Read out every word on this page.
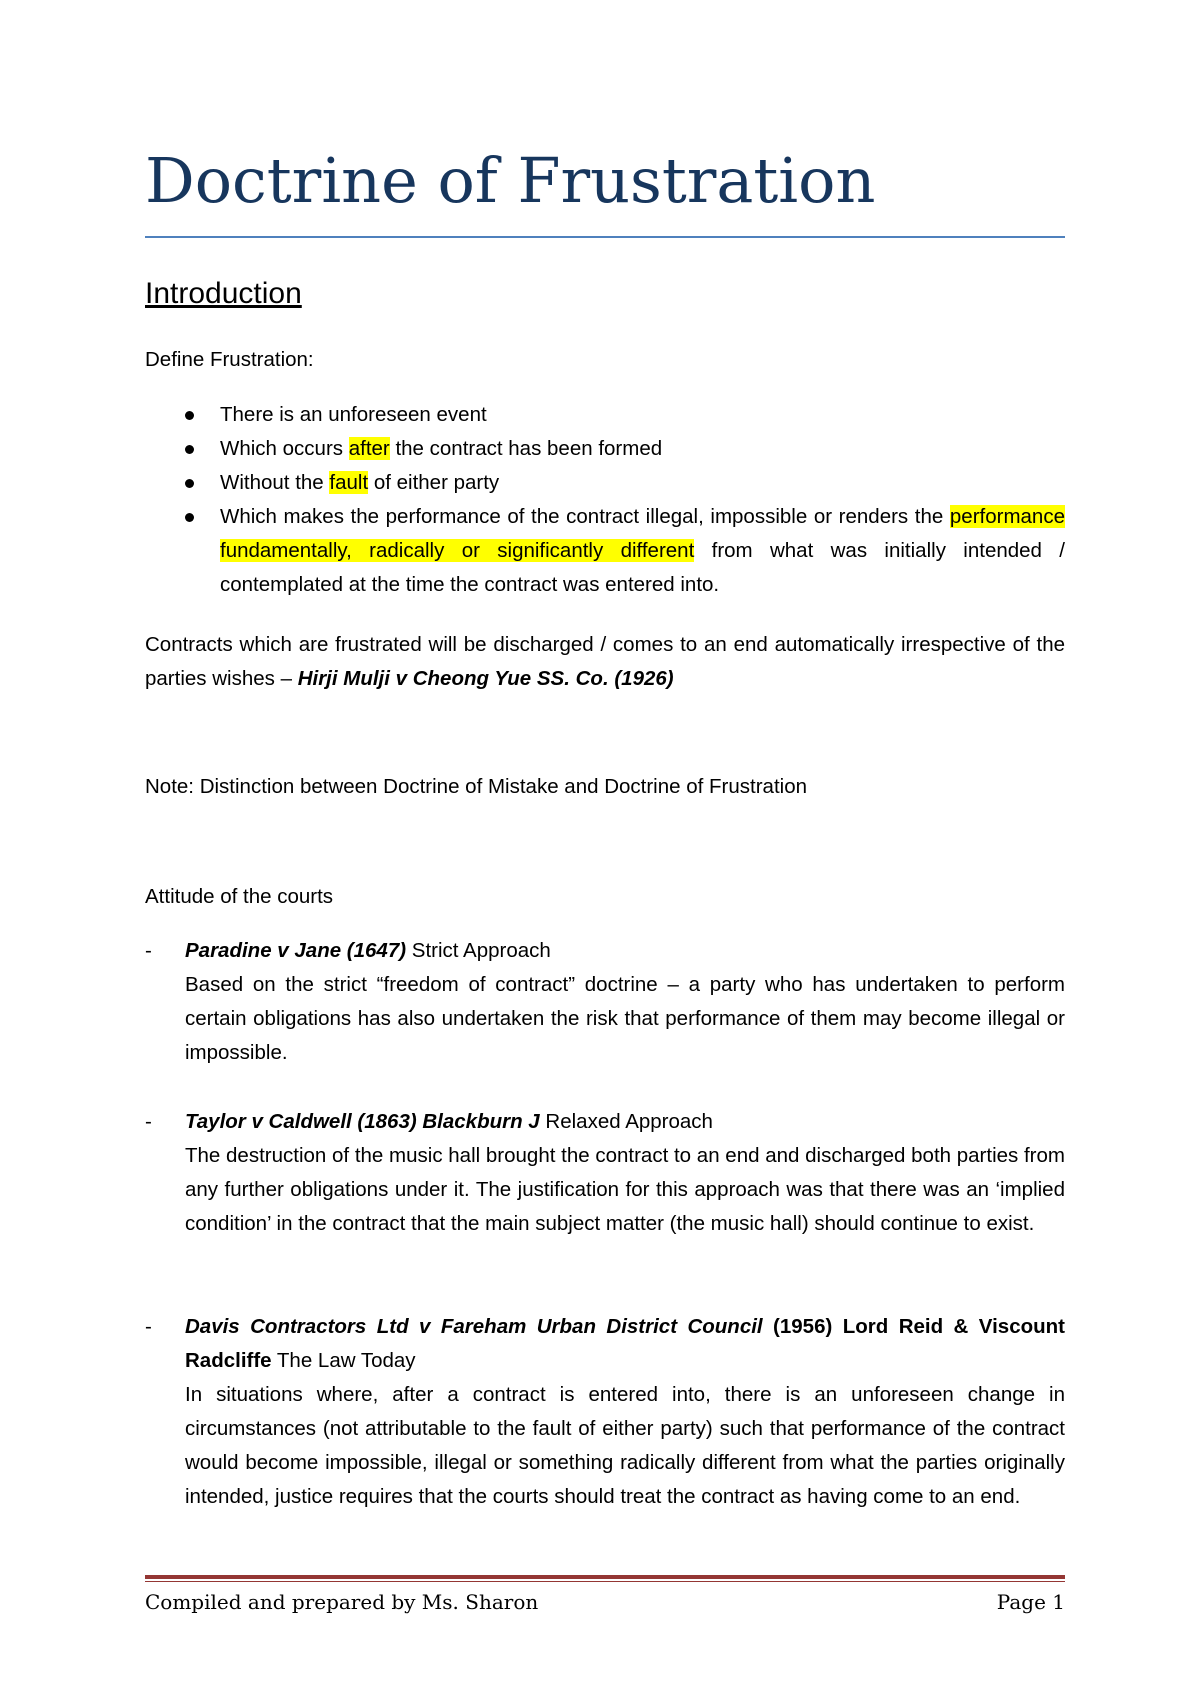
Doctrine of Frustration
Introduction

Define Frustration:

There is an unforeseen event
Which occurs after the contract has been formed
Without the fault of either party
Which makes the performance of the contract illegal, impossible or renders the performance fundamentally, radically or significantly different from what was initially intended / contemplated at the time the contract was entered into.

Contracts which are frustrated will be discharged / comes to an end automatically irrespective of the parties wishes – Hirji Mulji v Cheong Yue SS. Co. (1926)

Note: Distinction between Doctrine of Mistake and Doctrine of Frustration

Attitude of the courts

- Paradine v Jane (1647) Strict Approach
Based on the strict “freedom of contract” doctrine – a party who has undertaken to perform certain obligations has also undertaken the risk that performance of them may become illegal or impossible.
- Taylor v Caldwell (1863) Blackburn J Relaxed Approach
The destruction of the music hall brought the contract to an end and discharged both parties from any further obligations under it. The justification for this approach was that there was an ‘implied condition’ in the contract that the main subject matter (the music hall) should continue to exist.
- Davis Contractors Ltd v Fareham Urban District Council (1956) Lord Reid & Viscount Radcliffe The Law Today
In situations where, after a contract is entered into, there is an unforeseen change in circumstances (not attributable to the fault of either party) such that performance of the contract would become impossible, illegal or something radically different from what the parties originally intended, justice requires that the courts should treat the contract as having come to an end.
Compiled and prepared by Ms. Sharon	Page 1
